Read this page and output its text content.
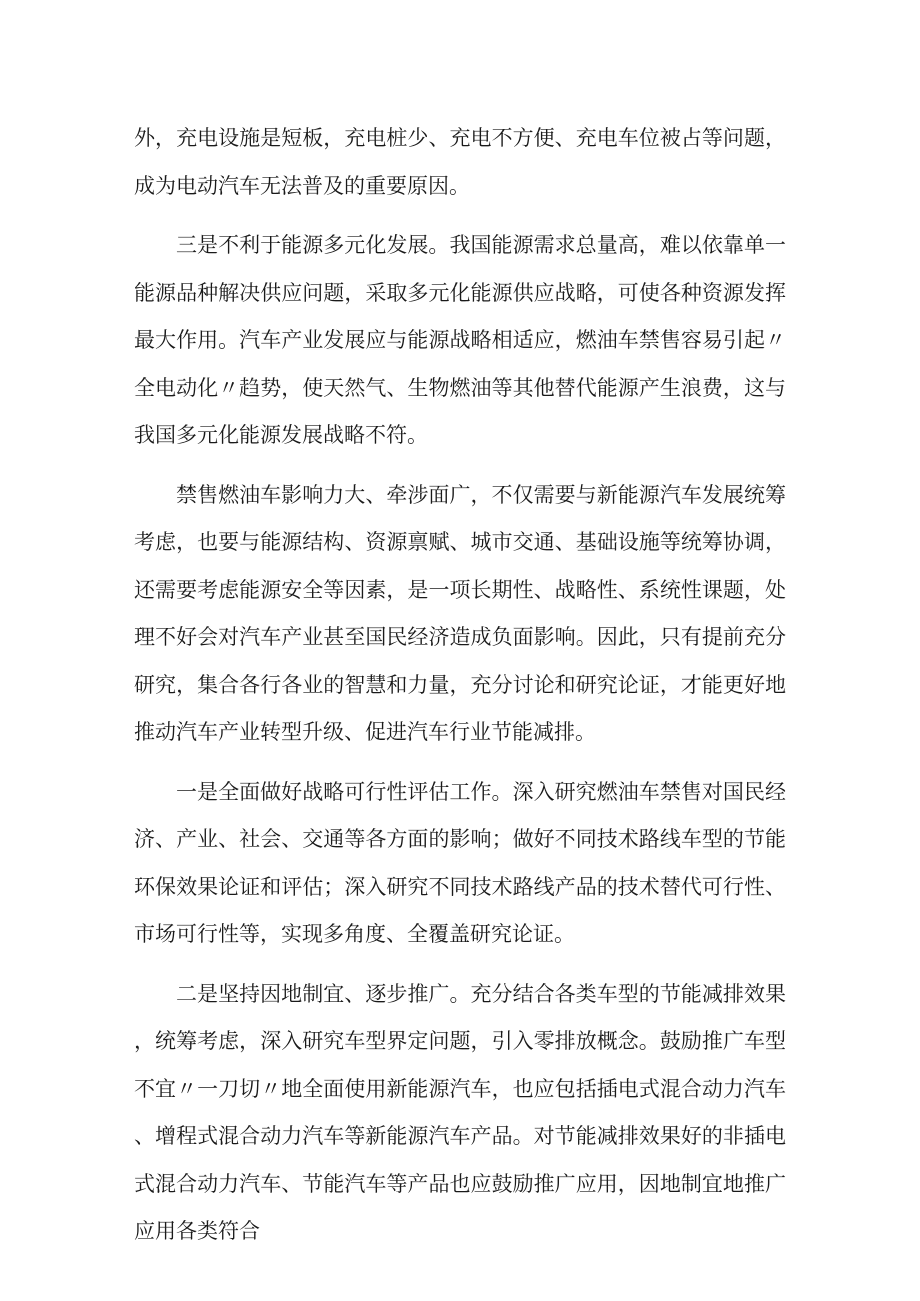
外，充电设施是短板，充电桩少、充电不方便、充电车位被占等问题，成为电动汽车无法普及的重要原因。

三是不利于能源多元化发展。我国能源需求总量高，难以依靠单一能源品种解决供应问题，采取多元化能源供应战略，可使各种资源发挥最大作用。汽车产业发展应与能源战略相适应，燃油车禁售容易引起〃全电动化〃趋势，使天然气、生物燃油等其他替代能源产生浪费，这与我国多元化能源发展战略不符。

禁售燃油车影响力大、牵涉面广，不仅需要与新能源汽车发展统筹考虑，也要与能源结构、资源禀赋、城市交通、基础设施等统筹协调，还需要考虑能源安全等因素，是一项长期性、战略性、系统性课题，处理不好会对汽车产业甚至国民经济造成负面影响。因此，只有提前充分研究，集合各行各业的智慧和力量，充分讨论和研究论证，才能更好地推动汽车产业转型升级、促进汽车行业节能减排。

一是全面做好战略可行性评估工作。深入研究燃油车禁售对国民经济、产业、社会、交通等各方面的影响；做好不同技术路线车型的节能环保效果论证和评估；深入研究不同技术路线产品的技术替代可行性、市场可行性等，实现多角度、全覆盖研究论证。

二是坚持因地制宜、逐步推广。充分结合各类车型的节能减排效果，统筹考虑，深入研究车型界定问题，引入零排放概念。鼓励推广车型不宜〃一刀切〃地全面使用新能源汽车，也应包括插电式混合动力汽车、增程式混合动力汽车等新能源汽车产品。对节能减排效果好的非插电式混合动力汽车、节能汽车等产品也应鼓励推广应用，因地制宜地推广应用各类符合
